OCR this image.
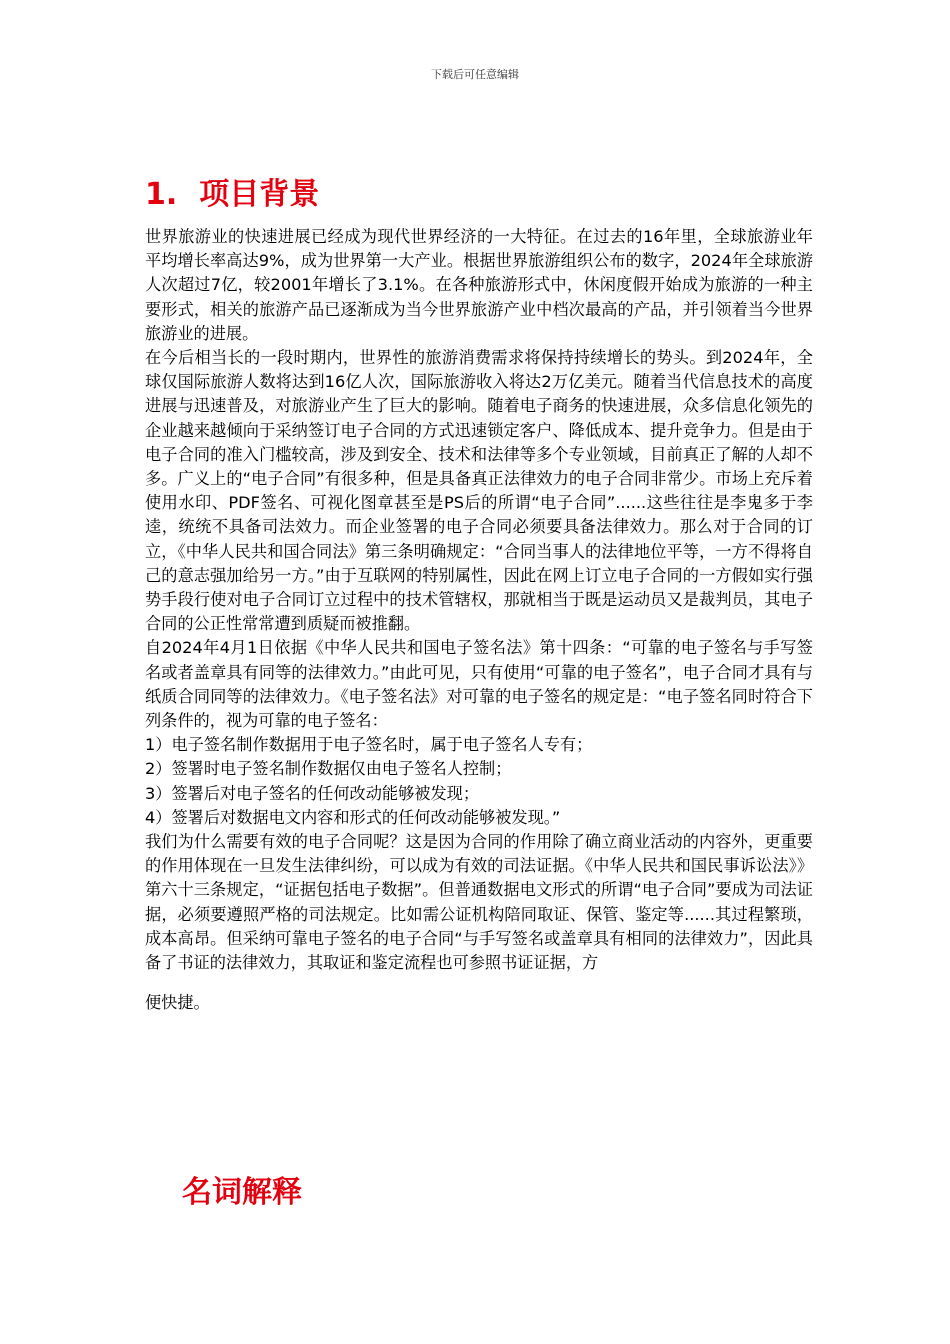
下载后可任意编辑
1. 项目背景

世界旅游业的快速进展已经成为现代世界经济的一大特征。在过去的16年里，全球旅游业年平均增长率高达9%，成为世界第一大产业。根据世界旅游组织公布的数字，2024年全球旅游人次超过7亿，较2001年增长了3.1%。在各种旅游形式中，休闲度假开始成为旅游的一种主要形式，相关的旅游产品已逐渐成为当今世界旅游产业中档次最高的产品，并引领着当今世界旅游业的进展。

在今后相当长的一段时期内，世界性的旅游消费需求将保持持续增长的势头。到2024年，全球仅国际旅游人数将达到16亿人次，国际旅游收入将达2万亿美元。随着当代信息技术的高度进展与迅速普及，对旅游业产生了巨大的影响。随着电子商务的快速进展，众多信息化领先的企业越来越倾向于采纳签订电子合同的方式迅速锁定客户、降低成本、提升竞争力。但是由于电子合同的准入门槛较高，涉及到安全、技术和法律等多个专业领域，目前真正了解的人却不多。广义上的“电子合同”有很多种，但是具备真正法律效力的电子合同非常少。市场上充斥着使用水印、PDF签名、可视化图章甚至是PS后的所谓“电子合同”......这些往往是李鬼多于李逵，统统不具备司法效力。而企业签署的电子合同必须要具备法律效力。那么对于合同的订立，《中华人民共和国合同法》第三条明确规定：“合同当事人的法律地位平等，一方不得将自己的意志强加给另一方。”由于互联网的特别属性，因此在网上订立电子合同的一方假如实行强势手段行使对电子合同订立过程中的技术管辖权，那就相当于既是运动员又是裁判员，其电子合同的公正性常常遭到质疑而被推翻。

自2024年4月1日依据《中华人民共和国电子签名法》第十四条：“可靠的电子签名与手写签名或者盖章具有同等的法律效力。”由此可见，只有使用“可靠的电子签名”，电子合同才具有与纸质合同同等的法律效力。《电子签名法》对可靠的电子签名的规定是：“电子签名同时符合下列条件的，视为可靠的电子签名：

1）电子签名制作数据用于电子签名时，属于电子签名人专有；

2）签署时电子签名制作数据仅由电子签名人控制；

3）签署后对电子签名的任何改动能够被发现；

4）签署后对数据电文内容和形式的任何改动能够被发现。”

我们为什么需要有效的电子合同呢？这是因为合同的作用除了确立商业活动的内容外，更重要的作用体现在一旦发生法律纠纷，可以成为有效的司法证据。《中华人民共和国民事诉讼法》》第六十三条规定，“证据包括电子数据”。但普通数据电文形式的所谓“电子合同”要成为司法证据，必须要遵照严格的司法规定。比如需公证机构陪同取证、保管、鉴定等......其过程繁琐，成本高昂。但采纳可靠电子签名的电子合同“与手写签名或盖章具有相同的法律效力”，因此具备了书证的法律效力，其取证和鉴定流程也可参照书证证据，方

便快捷。

名词解释
